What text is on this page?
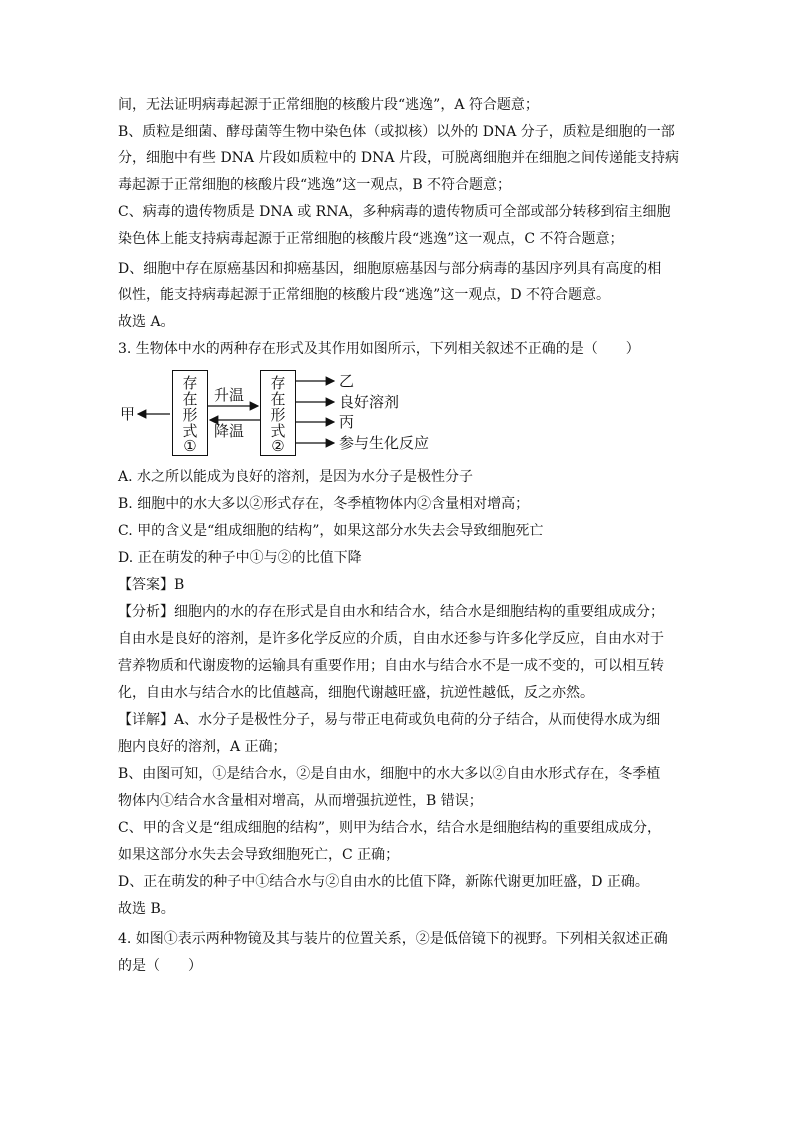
间，无法证明病毒起源于正常细胞的核酸片段“逃逸”，A 符合题意；
B、质粒是细菌、酵母菌等生物中染色体（或拟核）以外的 DNA 分子，质粒是细胞的一部
分，细胞中有些 DNA 片段如质粒中的 DNA 片段，可脱离细胞并在细胞之间传递能支持病
毒起源于正常细胞的核酸片段“逃逸”这一观点，B 不符合题意；
C、病毒的遗传物质是 DNA 或 RNA，多种病毒的遗传物质可全部或部分转移到宿主细胞
染色体上能支持病毒起源于正常细胞的核酸片段“逃逸”这一观点，C 不符合题意；
D、细胞中存在原癌基因和抑癌基因，细胞原癌基因与部分病毒的基因序列具有高度的相
似性，能支持病毒起源于正常细胞的核酸片段“逃逸”这一观点，D 不符合题意。
故选 A。
3. 生物体中水的两种存在形式及其作用如图所示，下列相关叙述不正确的是（　　）
甲
存
在
形
式
①
升温
降温
存
在
形
式
②
乙
良好溶剂
丙
参与生化反应
A. 水之所以能成为良好的溶剂，是因为水分子是极性分子
B. 细胞中的水大多以②形式存在，冬季植物体内②含量相对增高；
C. 甲的含义是“组成细胞的结构”，如果这部分水失去会导致细胞死亡
D. 正在萌发的种子中①与②的比值下降
【答案】B
【分析】细胞内的水的存在形式是自由水和结合水，结合水是细胞结构的重要组成成分；
自由水是良好的溶剂，是许多化学反应的介质，自由水还参与许多化学反应，自由水对于
营养物质和代谢废物的运输具有重要作用；自由水与结合水不是一成不变的，可以相互转
化，自由水与结合水的比值越高，细胞代谢越旺盛，抗逆性越低，反之亦然。
【详解】A、水分子是极性分子，易与带正电荷或负电荷的分子结合，从而使得水成为细
胞内良好的溶剂，A 正确；
B、由图可知，①是结合水，②是自由水，细胞中的水大多以②自由水形式存在，冬季植
物体内①结合水含量相对增高，从而增强抗逆性，B 错误；
C、甲的含义是“组成细胞的结构”，则甲为结合水，结合水是细胞结构的重要组成成分，
如果这部分水失去会导致细胞死亡，C 正确；
D、正在萌发的种子中①结合水与②自由水的比值下降，新陈代谢更加旺盛，D 正确。
故选 B。
4. 如图①表示两种物镜及其与装片的位置关系，②是低倍镜下的视野。下列相关叙述正确
的是（　　）
